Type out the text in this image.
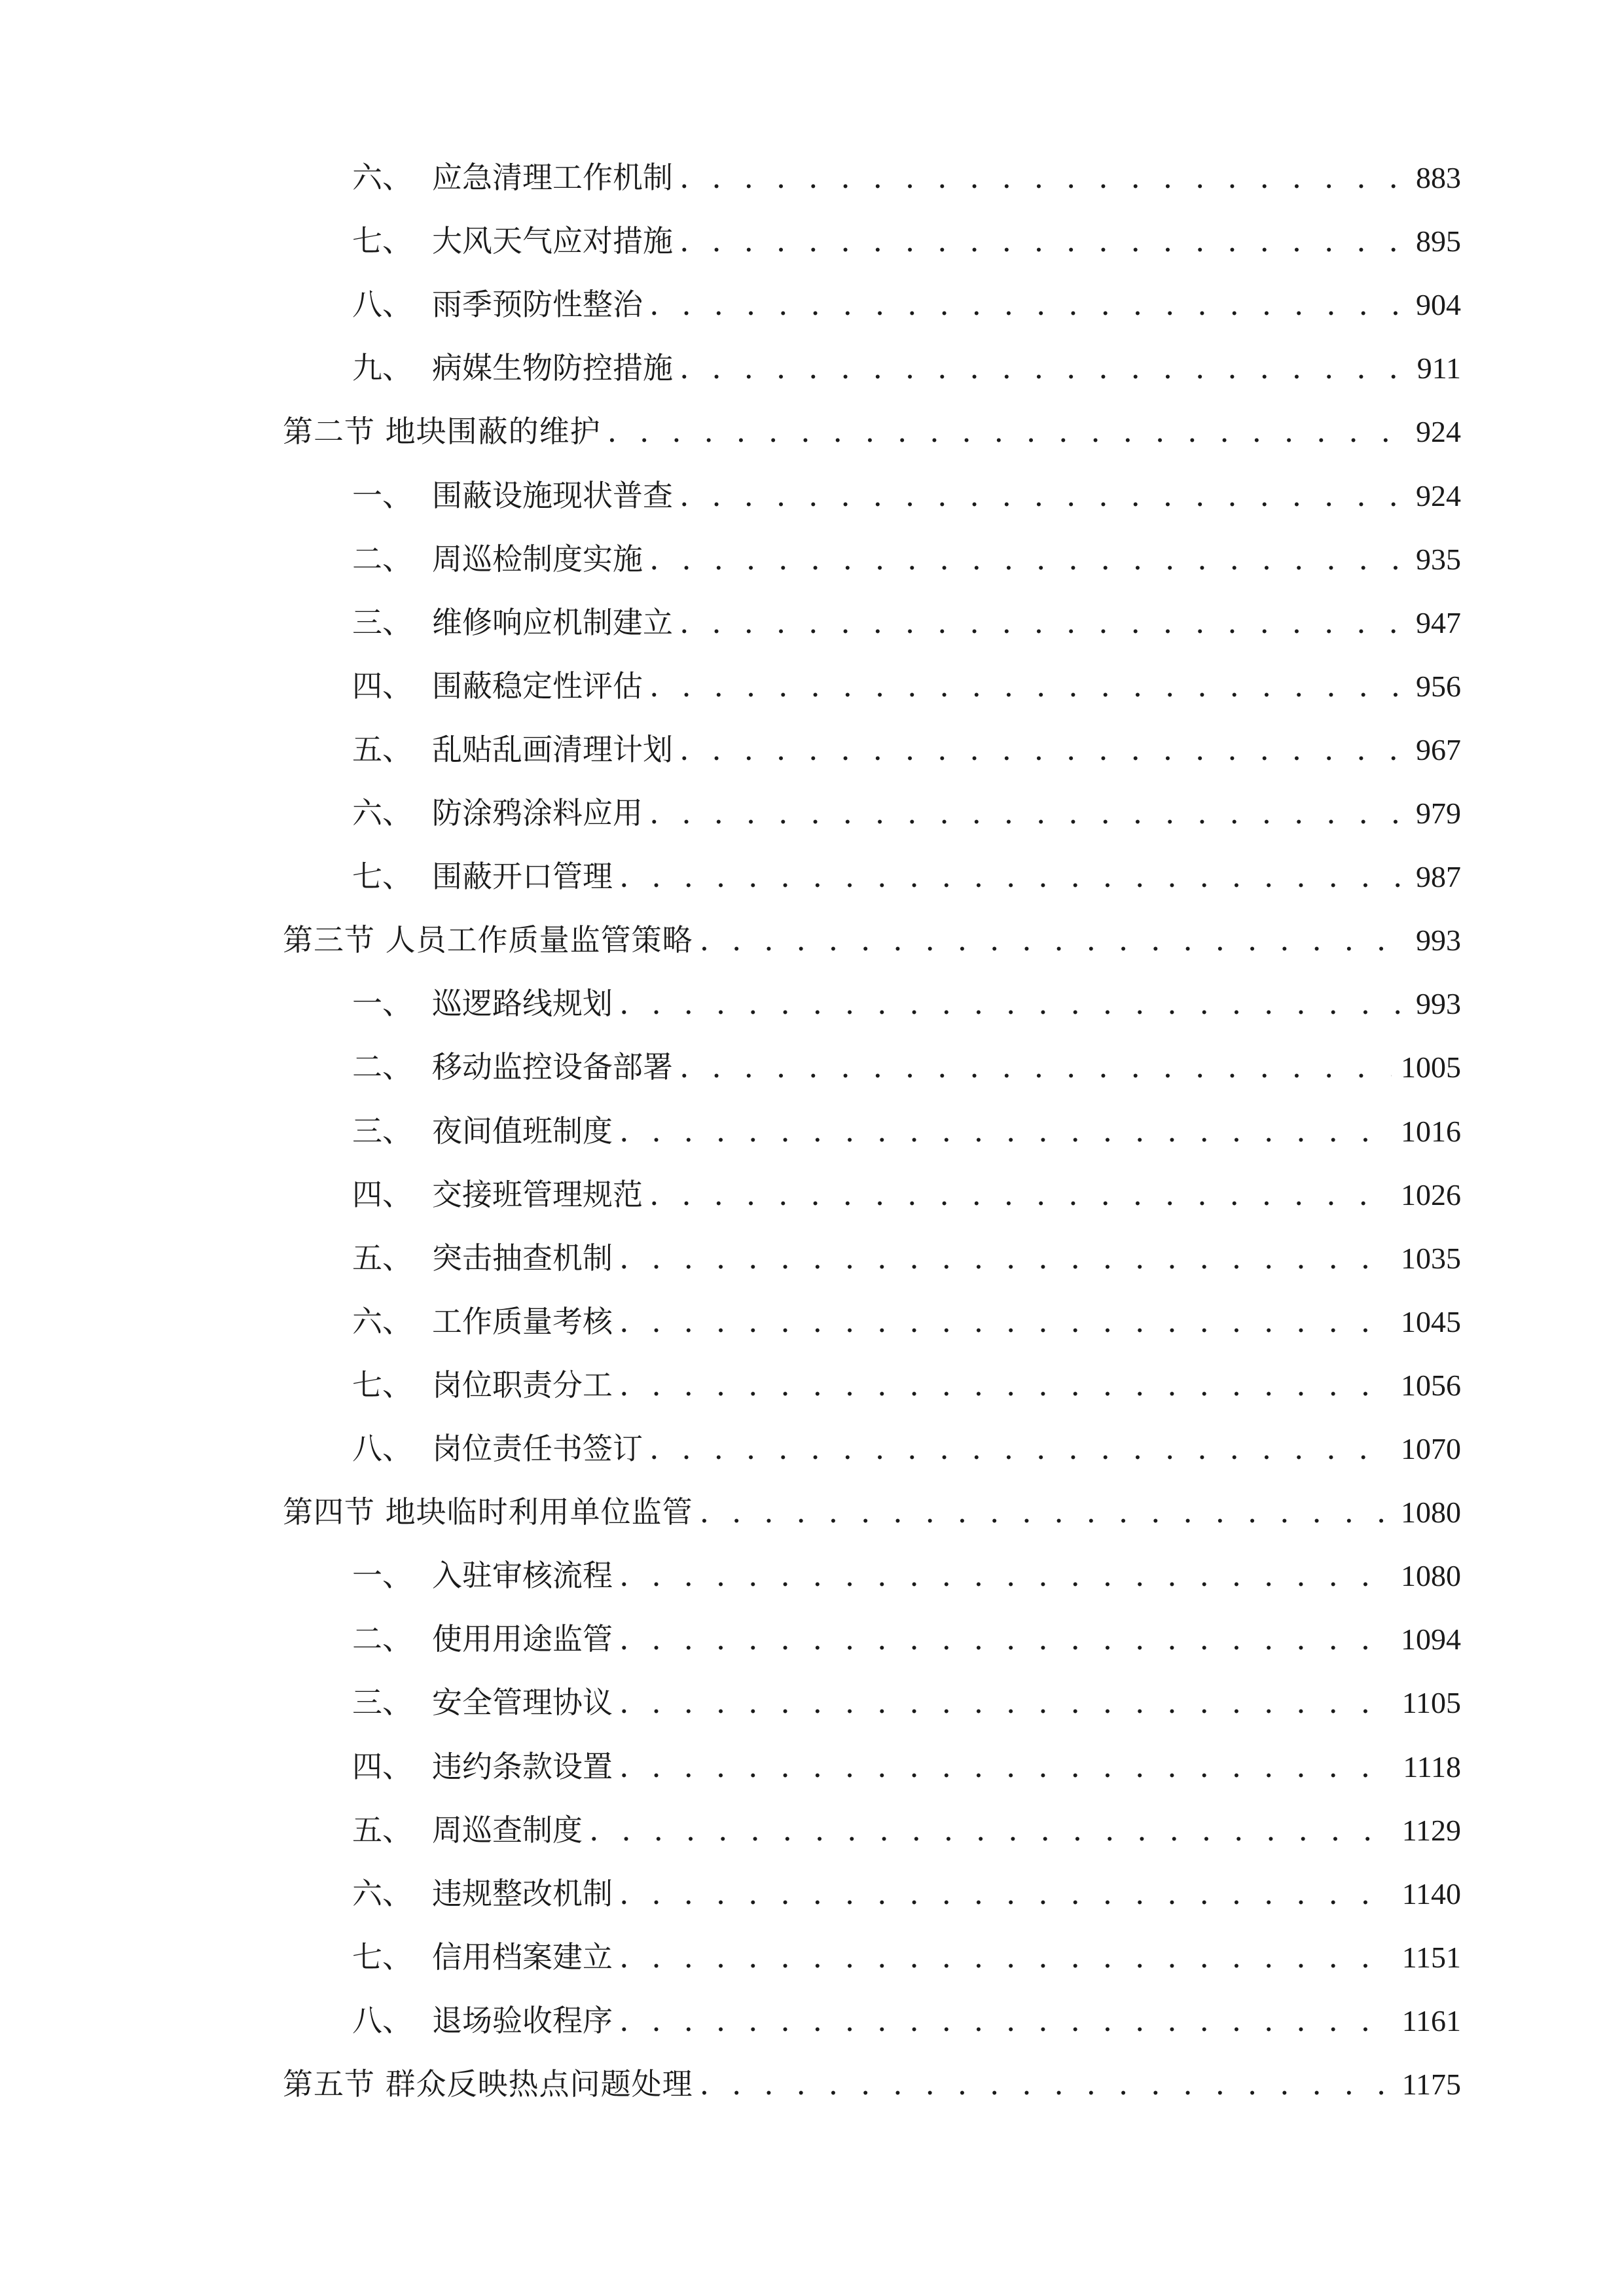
六、 应急清理工作机制 . . .	883
七、 大风天气应对措施 . . .	895
八、 雨季预防性整治 . . .	904
九、 病媒生物防控措施 . . .	911
第二节 地块围蔽的维护 . . .	924
一、 围蔽设施现状普查 . . .	924
二、 周巡检制度实施 . . .	935
三、 维修响应机制建立 . . .	947
四、 围蔽稳定性评估 . . .	956
五、 乱贴乱画清理计划 . . .	967
六、 防涂鸦涂料应用 . . .	979
七、 围蔽开口管理 . . .	987
第三节 人员工作质量监管策略 . . .	993
一、 巡逻路线规划 . . .	993
二、 移动监控设备部署 . . .	1005
三、 夜间值班制度 . . .	1016
四、 交接班管理规范 . . .	1026
五、 突击抽查机制 . . .	1035
六、 工作质量考核 . . .	1045
七、 岗位职责分工 . . .	1056
八、 岗位责任书签订 . . .	1070
第四节 地块临时利用单位监管 . . .	1080
一、 入驻审核流程 . . .	1080
二、 使用用途监管 . . .	1094
三、 安全管理协议 . . .	1105
四、 违约条款设置 . . .	1118
五、 周巡查制度 . . .	1129
六、 违规整改机制 . . .	1140
七、 信用档案建立 . . .	1151
八、 退场验收程序 . . .	1161
第五节 群众反映热点问题处理 . . .	1175
